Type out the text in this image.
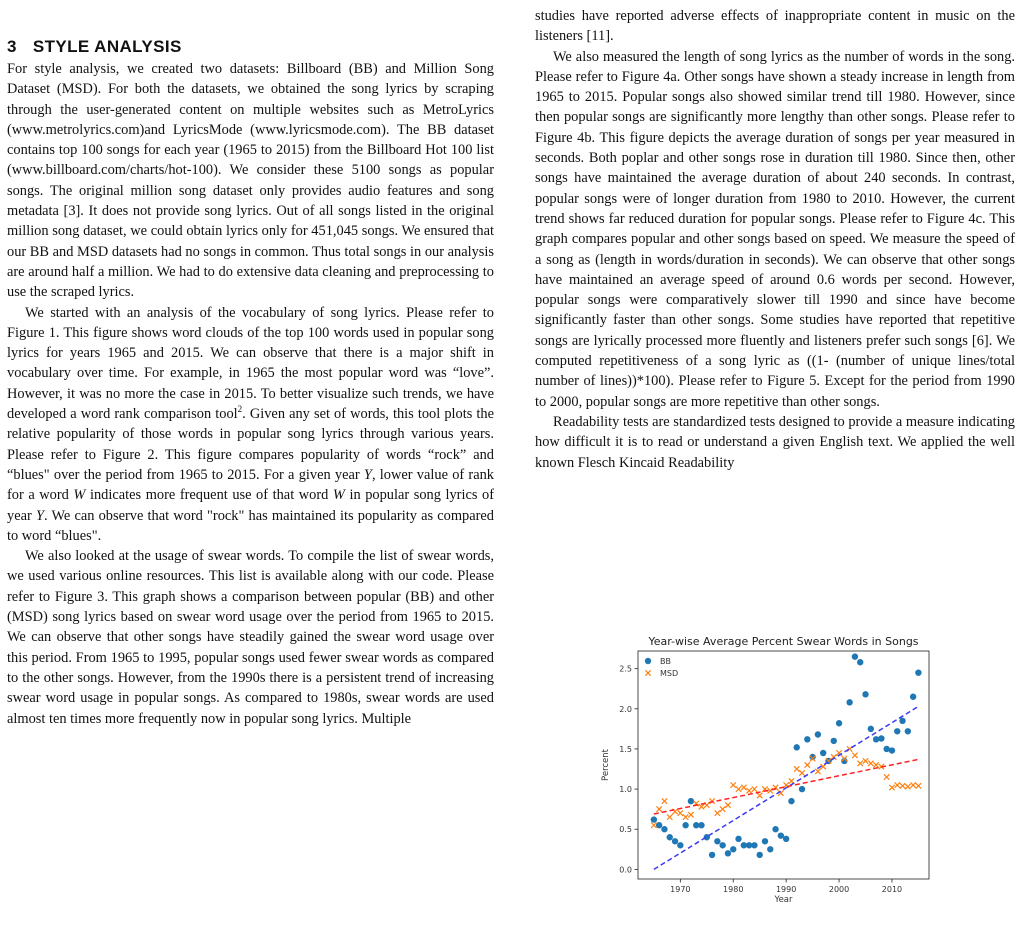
3 STYLE ANALYSIS

For style analysis, we created two datasets: Billboard (BB) and Million Song Dataset (MSD). For both the datasets, we obtained the song lyrics by scraping through the user-generated content on multiple websites such as MetroLyrics (www.metrolyrics.com)and LyricsMode (www.lyricsmode.com). The BB dataset contains top 100 songs for each year (1965 to 2015) from the Billboard Hot 100 list (www.billboard.com/charts/hot-100). We consider these 5100 songs as popular songs. The original million song dataset only provides audio features and song metadata [3]. It does not provide song lyrics. Out of all songs listed in the original million song dataset, we could obtain lyrics only for 451,045 songs. We ensured that our BB and MSD datasets had no songs in common. Thus total songs in our analysis are around half a million. We had to do extensive data cleaning and preprocessing to use the scraped lyrics.

We started with an analysis of the vocabulary of song lyrics. Please refer to Figure 1. This figure shows word clouds of the top 100 words used in popular song lyrics for years 1965 and 2015. We can observe that there is a major shift in vocabulary over time. For example, in 1965 the most popular word was “love”. However, it was no more the case in 2015. To better visualize such trends, we have developed a word rank comparison tool$^2$. Given any set of words, this tool plots the relative popularity of those words in popular song lyrics through various years. Please refer to Figure 2. This figure compares popularity of words “rock” and “blues" over the period from 1965 to 2015. For a given year Y, lower value of rank for a word W indicates more frequent use of that word W in popular song lyrics of year Y. We can observe that word "rock" has maintained its popularity as compared to word “blues".

We also looked at the usage of swear words. To compile the list of swear words, we used various online resources. This list is available along with our code. Please refer to Figure 3. This graph shows a comparison between popular (BB) and other (MSD) song lyrics based on swear word usage over the period from 1965 to 2015. We can observe that other songs have steadily gained the swear word usage over this period. From 1965 to 1995, popular songs used fewer swear words as compared to the other songs. However, from the 1990s there is a persistent trend of increasing swear word usage in popular songs. As compared to 1980s, swear words are used almost ten times more frequently now in popular song lyrics. Multiple

studies have reported adverse effects of inappropriate content in music on the listeners [11].

We also measured the length of song lyrics as the number of words in the song. Please refer to Figure 4a. Other songs have shown a steady increase in length from 1965 to 2015. Popular songs also showed similar trend till 1980. However, since then popular songs are significantly more lengthy than other songs. Please refer to Figure 4b. This figure depicts the average duration of songs per year measured in seconds. Both poplar and other songs rose in duration till 1980. Since then, other songs have maintained the average duration of about 240 seconds. In contrast, popular songs were of longer duration from 1980 to 2010. However, the current trend shows far reduced duration for popular songs. Please refer to Figure 4c. This graph compares popular and other songs based on speed. We measure the speed of a song as (length in words/duration in seconds). We can observe that other songs have maintained an average speed of around 0.6 words per second. However, popular songs were comparatively slower till 1990 and since have become significantly faster than other songs. Some studies have reported that repetitive songs are lyrically processed more fluently and listeners prefer such songs [6]. We computed repetitiveness of a song lyric as ((1- (number of unique lines/total number of lines))*100). Please refer to Figure 5. Except for the period from 1990 to 2000, popular songs are more repetitive than other songs.

Readability tests are standardized tests designed to provide a measure indicating how difficult it is to read or understand a given English text. We applied the well known Flesch Kincaid Readability

Year-wise Average Percent Swear Words in Songs
0.0
0.5
1.0
1.5
2.0
2.5
1970	1980	1990	2000	2010
Year
Percent
BB
MSD
